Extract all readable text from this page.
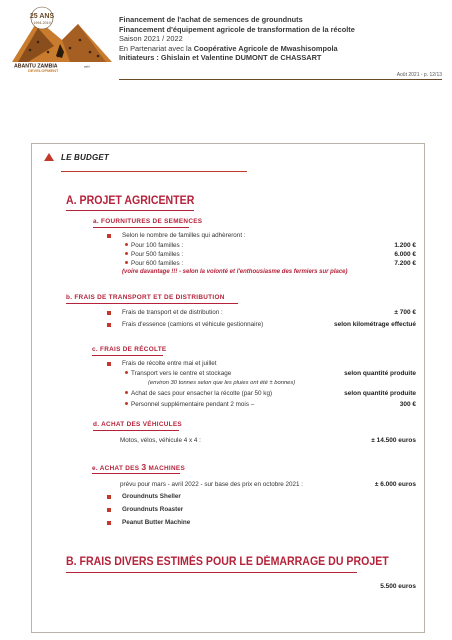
25 ANS
1994-2019
ABANTU ZAMBIA	asbl
DEVELOPMENT
Financement de l'achat de semences de groundnuts
Financement d'équipement agricole de transformation de la récolte
Saison 2021 / 2022
En Partenariat avec la Coopérative Agricole de Mwashisompola
Initiateurs : Ghislain et Valentine DUMONT de CHASSART
Août 2021 - p. 12/13
LE BUDGET
A. PROJET AGRICENTER
a. FOURNITURES DE SEMENCES
Selon le nombre de familles qui adhèreront :
Pour 100 familles :	1.200 €
Pour 500 familles :	6.000 €
Pour 600 familles :	7.200 €
(voire davantage !!! - selon la volonté et l'enthousiasme des fermiers sur place)
b. FRAIS DE TRANSPORT ET DE DISTRIBUTION
Frais de transport et de distribution :	± 700 €
Frais d'essence (camions et véhicule gestionnaire)	selon kilométrage effectué
c. FRAIS DE RÉCOLTE
Frais de récolte entre mai et juillet
Transport vers le centre et stockage	selon quantité produite
(environ 30 tonnes selon que les pluies ont été ± bonnes)
Achat de sacs pour ensacher la récolte (par 50 kg)	selon quantité produite
Personnel supplémentaire pendant 2 mois –	300 €
d. ACHAT DES VÉHICULES
Motos, vélos, véhicule 4 x 4 :	± 14.500 euros
e. ACHAT DES 3 MACHINES
prévu pour mars - avril 2022 - sur base des prix en octobre 2021 :	± 6.000 euros
Groundnuts Sheller
Groundnuts Roaster
Peanut Butter Machine
B. FRAIS DIVERS ESTIMÉS POUR LE DÉMARRAGE DU PROJET
5.500 euros
